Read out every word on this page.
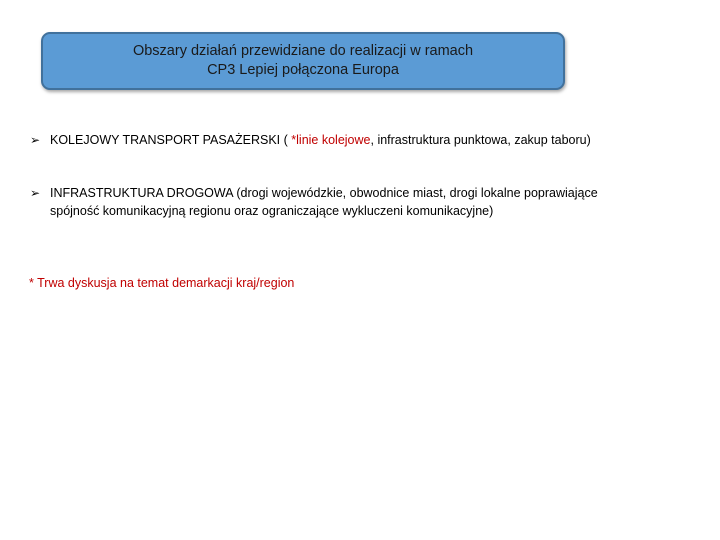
Obszary działań przewidziane do realizacji w ramach
CP3 Lepiej połączona Europa
➢ KOLEJOWY TRANSPORT PASAŻERSKI ( *linie kolejowe, infrastruktura punktowa, zakup taboru)
➢ INFRASTRUKTURA DROGOWA (drogi wojewódzkie, obwodnice miast, drogi lokalne poprawiające spójność komunikacyjną regionu oraz ograniczające wykluczeni komunikacyjne)
* Trwa dyskusja na temat demarkacji kraj/region
